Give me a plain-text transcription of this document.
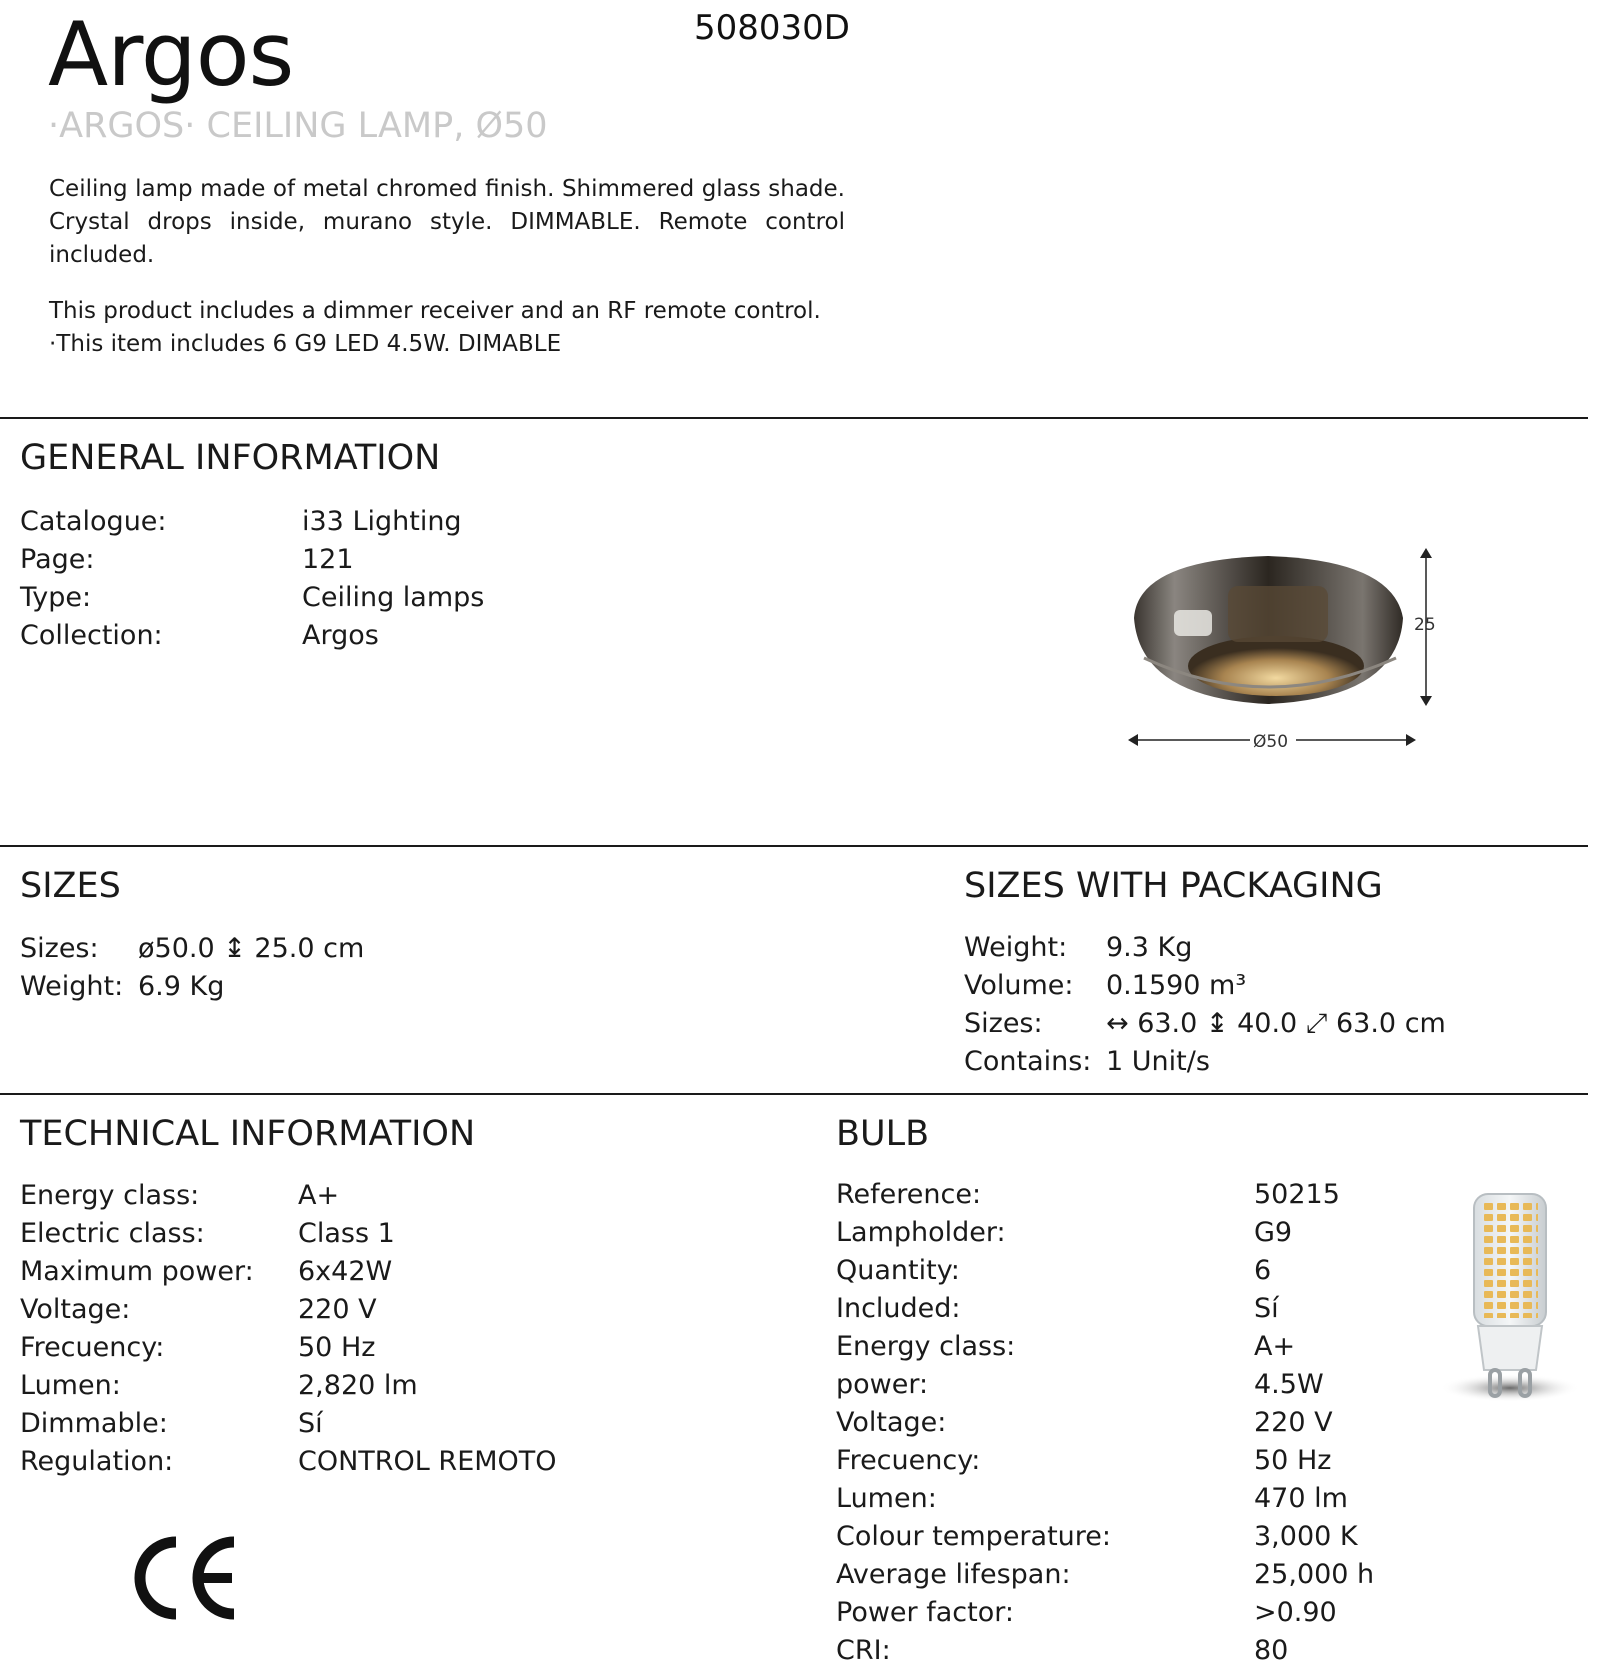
Argos	508030D
·ARGOS· CEILING LAMP, Ø50

Ceiling lamp made of metal chromed finish. Shimmered glass shade. Crystal drops inside, murano style. DIMMABLE. Remote control included.

This product includes a dimmer receiver and an RF remote control.

·This item includes 6 G9 LED 4.5W. DIMABLE

GENERAL INFORMATION
Catalogue:	i33 Lighting
Page:	121
Type:	Ceiling lamps
Collection:	Argos	25
Ø50
SIZES
Sizes:	ø50.0 ↨ 25.0 cm
Weight: 6.9 Kg
SIZES WITH PACKAGING
Weight:	9.3 Kg
Volume:	0.1590 m³
Sizes:	↔ 63.0 ↨ 40.0 ⤢ 63.0 cm
Contains: 1 Unit/s
TECHNICAL INFORMATION
Energy class:	A+
Electric class:	Class 1
Maximum power:	6x42W
Voltage:	220 V
Frecuency:	50 Hz
Lumen:	2,820 lm
Dimmable:	Sí
Regulation:	CONTROL REMOTO
BULB
Reference:	50215
Lampholder:	G9
Quantity:	6
Included:	Sí
Energy class:	A+
power:	4.5W
Voltage:	220 V
Frecuency:	50 Hz
Lumen:	470 lm
Colour temperature:	3,000 K
Average lifespan:	25,000 h
Power factor:	>0.90
CRI:	80
